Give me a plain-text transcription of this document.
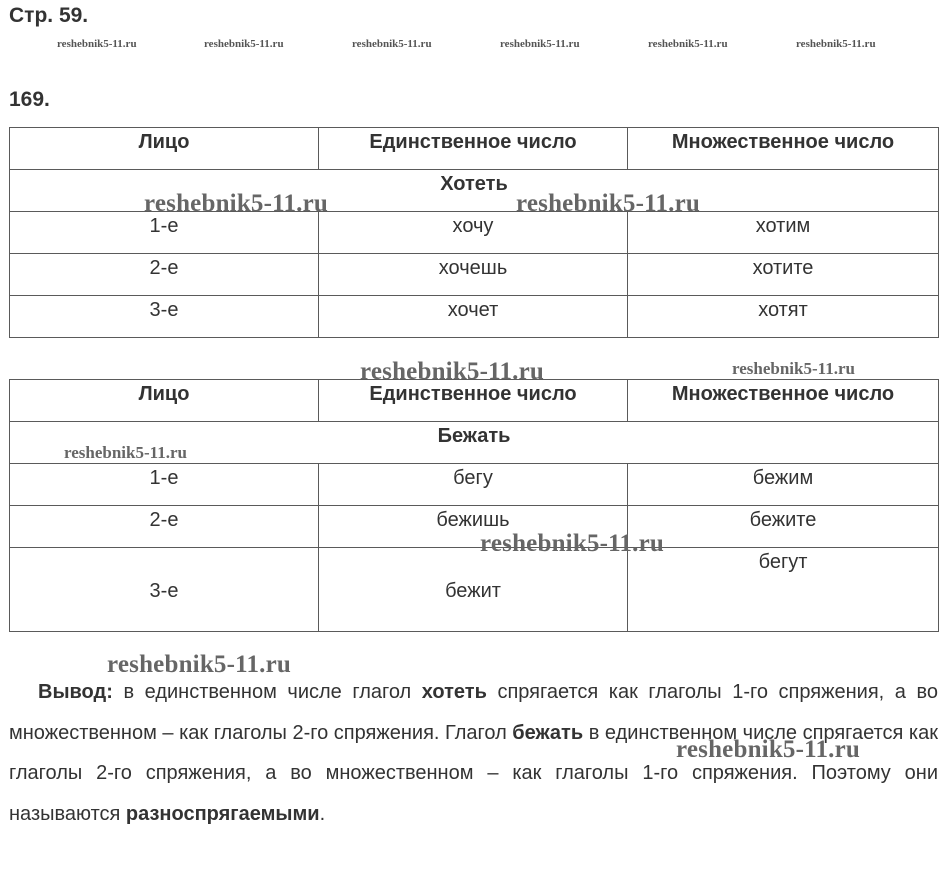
Стр. 59.
reshebnik5-11.ru	reshebnik5-11.ru	reshebnik5-11.ru	reshebnik5-11.ru	reshebnik5-11.ru	reshebnik5-11.ru
169.
Лицо	Единственное число	Множественное число
Хотеть		
1-е	хочу	хотим
2-е	хочешь	хотите
3-е	хочет	хотят
Лицо	Единственное число	Множественное число
Бежать		
1-е	бегу	бежим
2-е	бежишь	бежите
3-е	бежит	бегут

Вывод: в единственном числе глагол хотеть спрягается как глаголы 1-го спряжения, а во множественном – как глаголы 2-го спряжения. Глагол бежать в единственном числе спрягается как глаголы 2-го спряжения, а во множественном – как глаголы 1-го спряжения. Поэтому они называются разноспрягаемыми.

reshebnik5-11.ru	reshebnik5-11.ru
reshebnik5-11.ru	reshebnik5-11.ru
reshebnik5-11.ru
reshebnik5-11.ru
reshebnik5-11.ru
reshebnik5-11.ru
